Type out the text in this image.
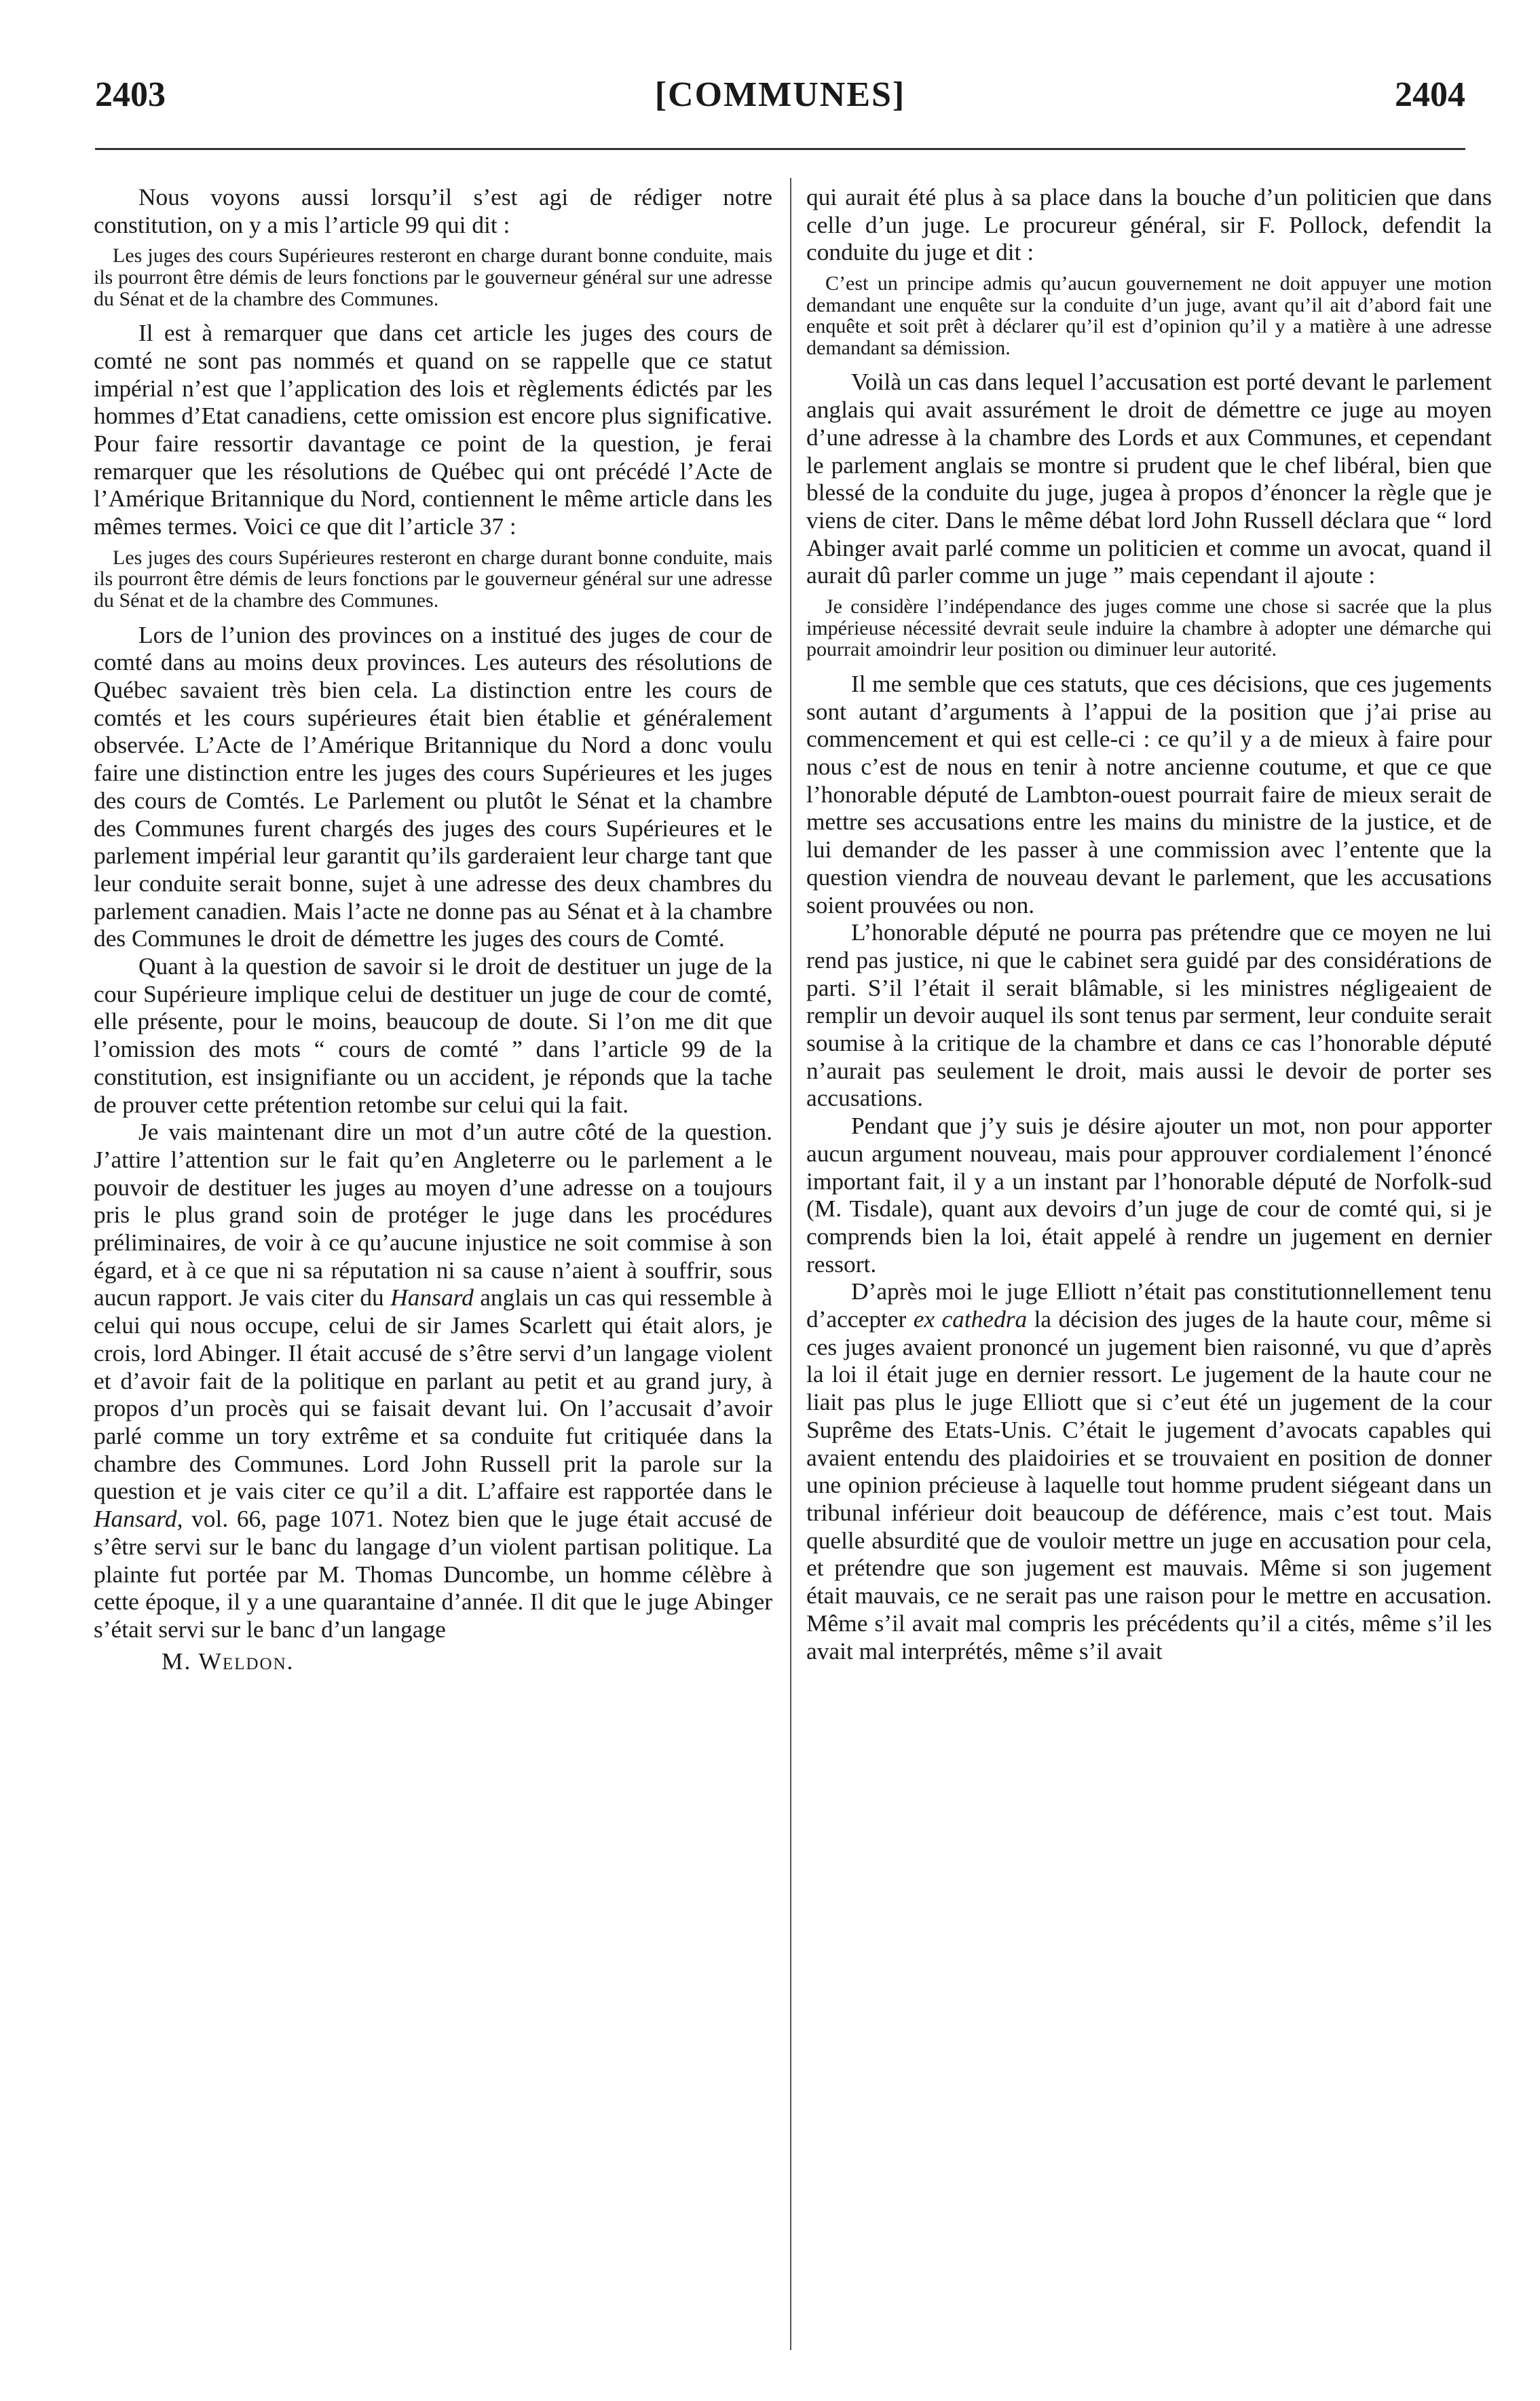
2403	[COMMUNES]	2404

Nous voyons aussi lorsqu’il s’est agi de rédiger notre constitution, on y a mis l’article 99 qui dit :

Les juges des cours Supérieures resteront en charge durant bonne conduite, mais ils pourront être démis de leurs fonctions par le gouverneur général sur une adresse du Sénat et de la chambre des Communes.

Il est à remarquer que dans cet article les juges des cours de comté ne sont pas nommés et quand on se rappelle que ce statut impérial n’est que l’application des lois et règlements édictés par les hommes d’Etat canadiens, cette omission est encore plus significative. Pour faire ressortir davantage ce point de la question, je ferai remarquer que les résolutions de Québec qui ont précédé l’Acte de l’Amérique Britannique du Nord, contiennent le même article dans les mêmes termes. Voici ce que dit l’article 37 :

Les juges des cours Supérieures resteront en charge durant bonne conduite, mais ils pourront être démis de leurs fonctions par le gouverneur général sur une adresse du Sénat et de la chambre des Communes.

Lors de l’union des provinces on a institué des juges de cour de comté dans au moins deux provinces. Les auteurs des résolutions de Québec savaient très bien cela. La distinction entre les cours de comtés et les cours supérieures était bien établie et généralement observée. L’Acte de l’Amérique Britannique du Nord a donc voulu faire une distinction entre les juges des cours Supérieures et les juges des cours de Comtés. Le Parlement ou plutôt le Sénat et la chambre des Communes furent chargés des juges des cours Supérieures et le parlement impérial leur garantit qu’ils garderaient leur charge tant que leur conduite serait bonne, sujet à une adresse des deux chambres du parlement canadien. Mais l’acte ne donne pas au Sénat et à la chambre des Communes le droit de démettre les juges des cours de Comté.

Quant à la question de savoir si le droit de destituer un juge de la cour Supérieure implique celui de destituer un juge de cour de comté, elle présente, pour le moins, beaucoup de doute. Si l’on me dit que l’omission des mots “ cours de comté ” dans l’article 99 de la constitution, est insignifiante ou un accident, je réponds que la tache de prouver cette prétention retombe sur celui qui la fait.

Je vais maintenant dire un mot d’un autre côté de la question. J’attire l’attention sur le fait qu’en Angleterre ou le parlement a le pouvoir de destituer les juges au moyen d’une adresse on a toujours pris le plus grand soin de protéger le juge dans les procédures préliminaires, de voir à ce qu’aucune injustice ne soit commise à son égard, et à ce que ni sa réputation ni sa cause n’aient à souffrir, sous aucun rapport. Je vais citer du Hansard anglais un cas qui ressemble à celui qui nous occupe, celui de sir James Scarlett qui était alors, je crois, lord Abinger. Il était accusé de s’être servi d’un langage violent et d’avoir fait de la politique en parlant au petit et au grand jury, à propos d’un procès qui se faisait devant lui. On l’accusait d’avoir parlé comme un tory extrême et sa conduite fut critiquée dans la chambre des Communes. Lord John Russell prit la parole sur la question et je vais citer ce qu’il a dit. L’affaire est rapportée dans le Hansard, vol. 66, page 1071. Notez bien que le juge était accusé de s’être servi sur le banc du langage d’un violent partisan politique. La plainte fut portée par M. Thomas Duncombe, un homme célèbre à cette époque, il y a une quarantaine d’année. Il dit que le juge Abinger s’était servi sur le banc d’un langage

M. Weldon.

qui aurait été plus à sa place dans la bouche d’un politicien que dans celle d’un juge. Le procureur général, sir F. Pollock, defendit la conduite du juge et dit :

C’est un principe admis qu’aucun gouvernement ne doit appuyer une motion demandant une enquête sur la conduite d’un juge, avant qu’il ait d’abord fait une enquête et soit prêt à déclarer qu’il est d’opinion qu’il y a matière à une adresse demandant sa démission.

Voilà un cas dans lequel l’accusation est porté devant le parlement anglais qui avait assurément le droit de démettre ce juge au moyen d’une adresse à la chambre des Lords et aux Communes, et cependant le parlement anglais se montre si prudent que le chef libéral, bien que blessé de la conduite du juge, jugea à propos d’énoncer la règle que je viens de citer. Dans le même débat lord John Russell déclara que “ lord Abinger avait parlé comme un politicien et comme un avocat, quand il aurait dû parler comme un juge ” mais cependant il ajoute :

Je considère l’indépendance des juges comme une chose si sacrée que la plus impérieuse nécessité devrait seule induire la chambre à adopter une démarche qui pourrait amoindrir leur position ou diminuer leur autorité.

Il me semble que ces statuts, que ces décisions, que ces jugements sont autant d’arguments à l’appui de la position que j’ai prise au commencement et qui est celle-ci : ce qu’il y a de mieux à faire pour nous c’est de nous en tenir à notre ancienne coutume, et que ce que l’honorable député de Lambton-ouest pourrait faire de mieux serait de mettre ses accusations entre les mains du ministre de la justice, et de lui demander de les passer à une commission avec l’entente que la question viendra de nouveau devant le parlement, que les accusations soient prouvées ou non.

L’honorable député ne pourra pas prétendre que ce moyen ne lui rend pas justice, ni que le cabinet sera guidé par des considérations de parti. S’il l’était il serait blâmable, si les ministres négligeaient de remplir un devoir auquel ils sont tenus par serment, leur conduite serait soumise à la critique de la chambre et dans ce cas l’honorable député n’aurait pas seulement le droit, mais aussi le devoir de porter ses accusations.

Pendant que j’y suis je désire ajouter un mot, non pour apporter aucun argument nouveau, mais pour approuver cordialement l’énoncé important fait, il y a un instant par l’honorable député de Norfolk-sud (M. Tisdale), quant aux devoirs d’un juge de cour de comté qui, si je comprends bien la loi, était appelé à rendre un jugement en dernier ressort.

D’après moi le juge Elliott n’était pas constitutionnellement tenu d’accepter ex cathedra la décision des juges de la haute cour, même si ces juges avaient prononcé un jugement bien raisonné, vu que d’après la loi il était juge en dernier ressort. Le jugement de la haute cour ne liait pas plus le juge Elliott que si c’eut été un jugement de la cour Suprême des Etats-Unis. C’était le jugement d’avocats capables qui avaient entendu des plaidoiries et se trouvaient en position de donner une opinion précieuse à laquelle tout homme prudent siégeant dans un tribunal inférieur doit beaucoup de déférence, mais c’est tout. Mais quelle absurdité que de vouloir mettre un juge en accusation pour cela, et prétendre que son jugement est mauvais. Même si son jugement était mauvais, ce ne serait pas une raison pour le mettre en accusation. Même s’il avait mal compris les précédents qu’il a cités, même s’il les avait mal interprétés, même s’il avait
